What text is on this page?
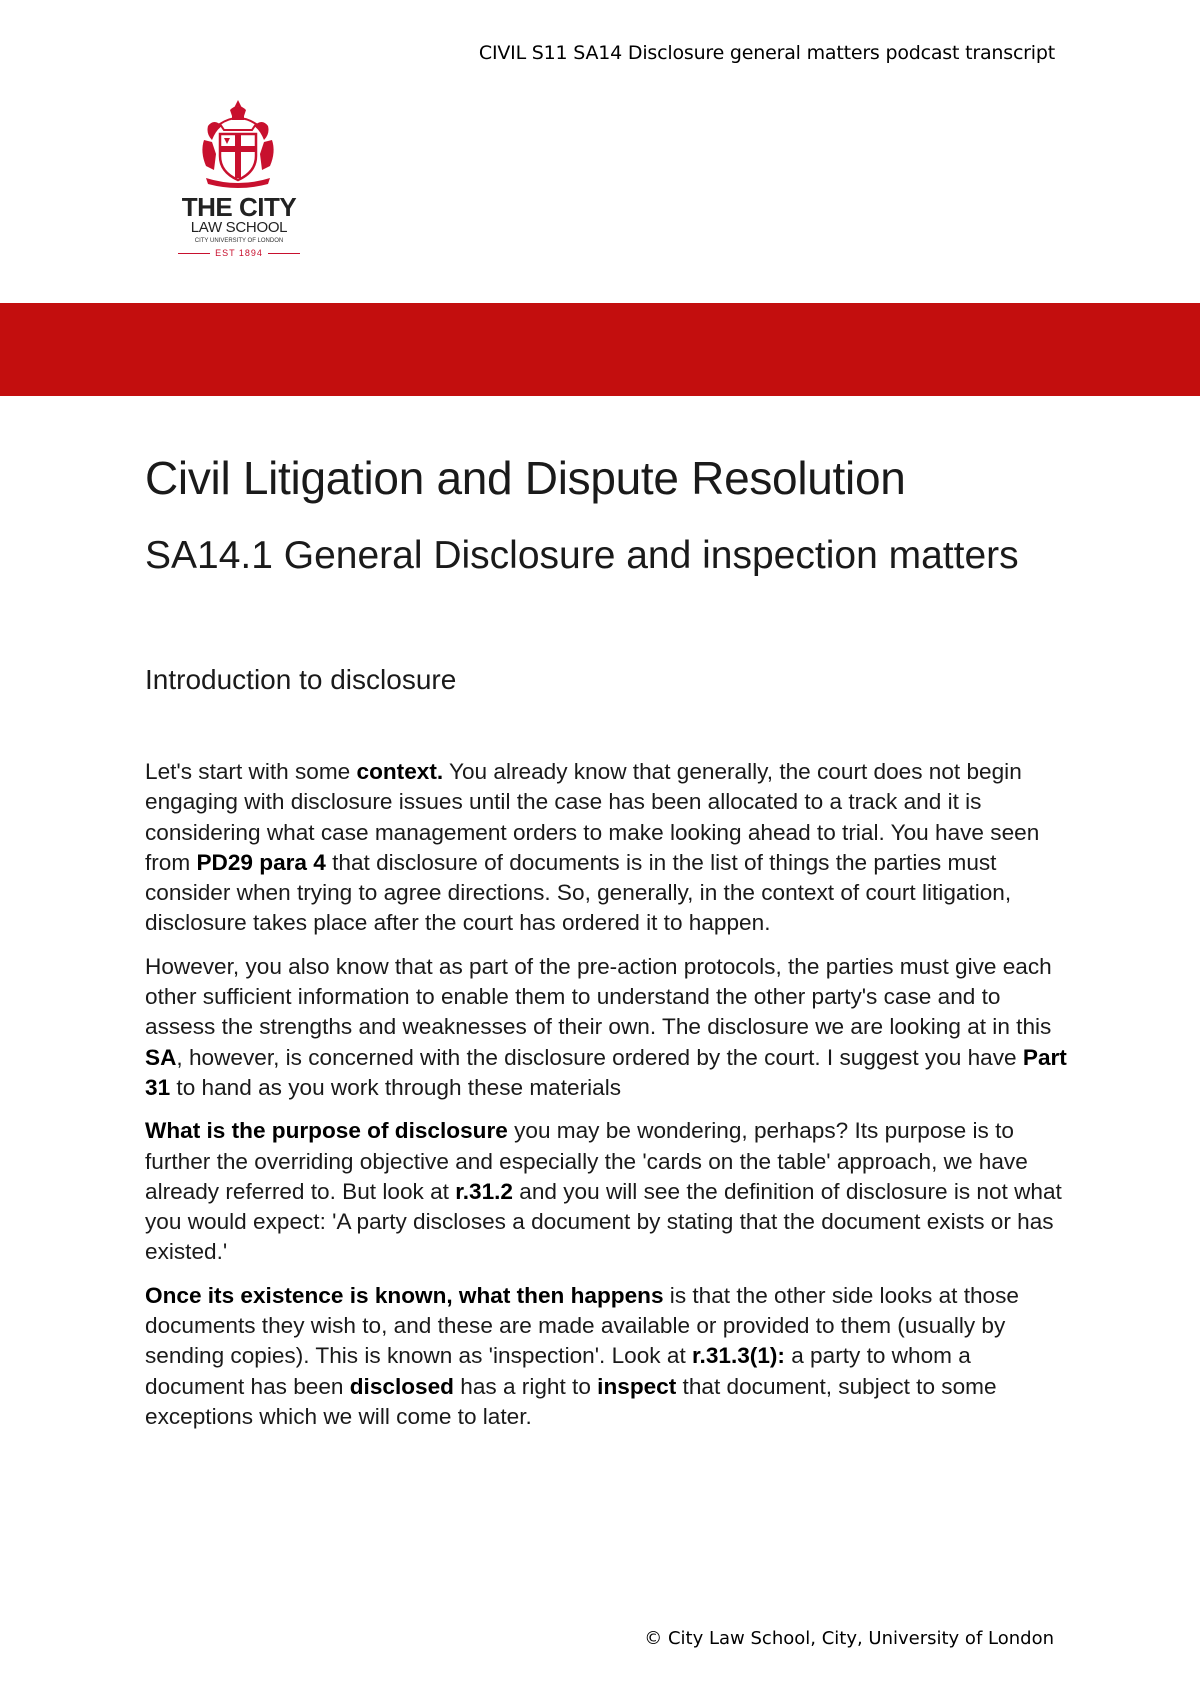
CIVIL S11 SA14 Disclosure general matters podcast transcript
THE CITY
LAW SCHOOL
CITY UNIVERSITY OF LONDON
EST 1894
Civil Litigation and Dispute Resolution
SA14.1 General Disclosure and inspection matters
Introduction to disclosure

Let's start with some context. You already know that generally, the court does not begin engaging with disclosure issues until the case has been allocated to a track and it is considering what case management orders to make looking ahead to trial. You have seen from PD29 para 4 that disclosure of documents is in the list of things the parties must consider when trying to agree directions. So, generally, in the context of court litigation, disclosure takes place after the court has ordered it to happen.

However, you also know that as part of the pre-action protocols, the parties must give each other sufficient information to enable them to understand the other party's case and to assess the strengths and weaknesses of their own. The disclosure we are looking at in this SA, however, is concerned with the disclosure ordered by the court. I suggest you have Part 31 to hand as you work through these materials

What is the purpose of disclosure you may be wondering, perhaps? Its purpose is to further the overriding objective and especially the 'cards on the table' approach, we have already referred to. But look at r.31.2 and you will see the definition of disclosure is not what you would expect: 'A party discloses a document by stating that the document exists or has existed.'

Once its existence is known, what then happens is that the other side looks at those documents they wish to, and these are made available or provided to them (usually by sending copies). This is known as 'inspection'. Look at r.31.3(1): a party to whom a document has been disclosed has a right to inspect that document, subject to some exceptions which we will come to later.

© City Law School, City, University of London
